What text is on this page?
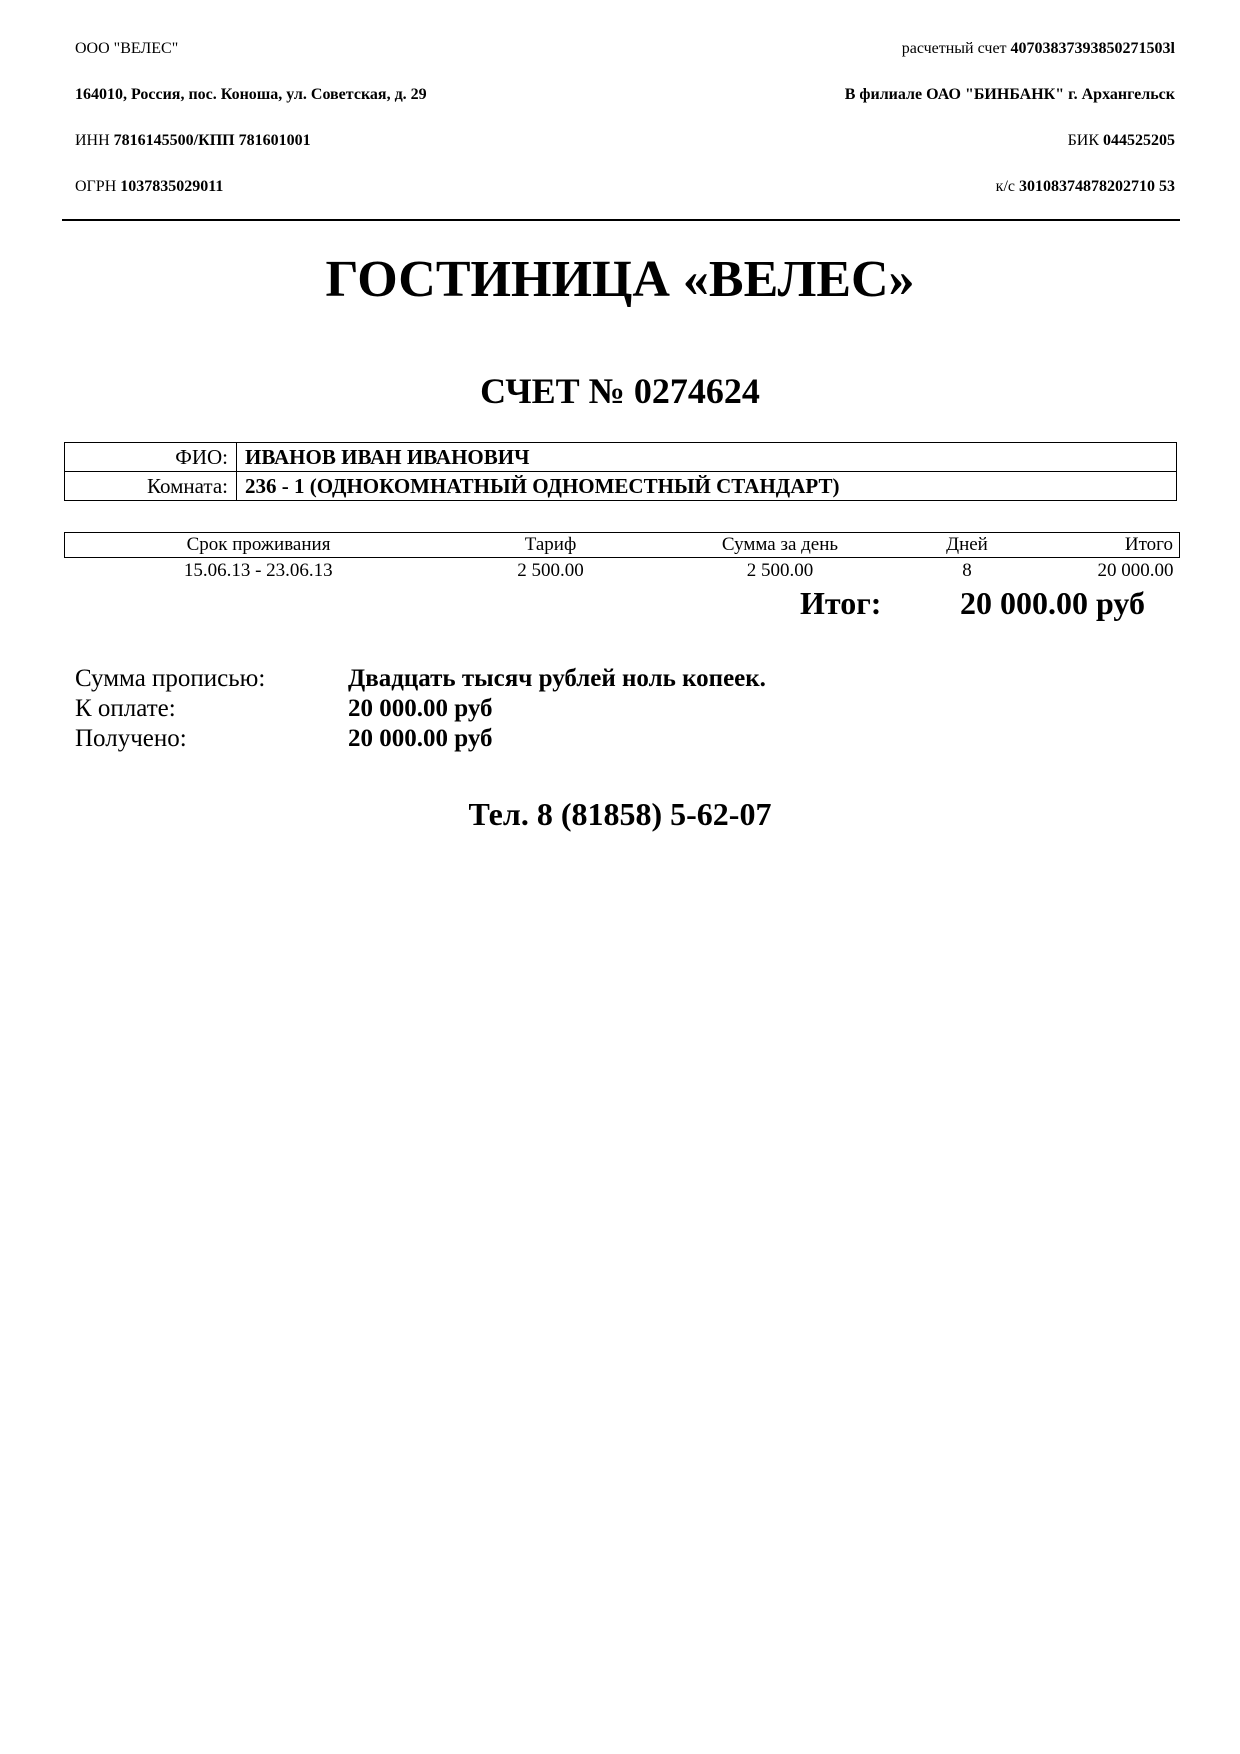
ООО "ВЕЛЕС"	расчетный счет 40703837393850271503l
164010, Россия, пос. Коноша, ул. Советская, д. 29	В филиале ОАО "БИНБАНК" г. Архангельск
ИНН 7816145500/КПП 781601001	БИК 044525205
ОГРН 1037835029011	к/с 30108374878202710 53
ГОСТИНИЦА «ВЕЛЕС»
СЧЕТ № 0274624
ФИО:	ИВАНОВ ИВАН ИВАНОВИЧ
Комната:	236 - 1 (ОДНОКОМНАТНЫЙ ОДНОМЕСТНЫЙ СТАНДАРТ)
Срок проживания	Тариф	Сумма за день	Дней	Итого
15.06.13 - 23.06.13	2 500.00	2 500.00	8	20 000.00
Итог: 20 000.00 руб
Сумма прописью:	Двадцать тысяч рублей ноль копеек.
К оплате:	20 000.00 руб
Получено:	20 000.00 руб
Тел. 8 (81858) 5-62-07
